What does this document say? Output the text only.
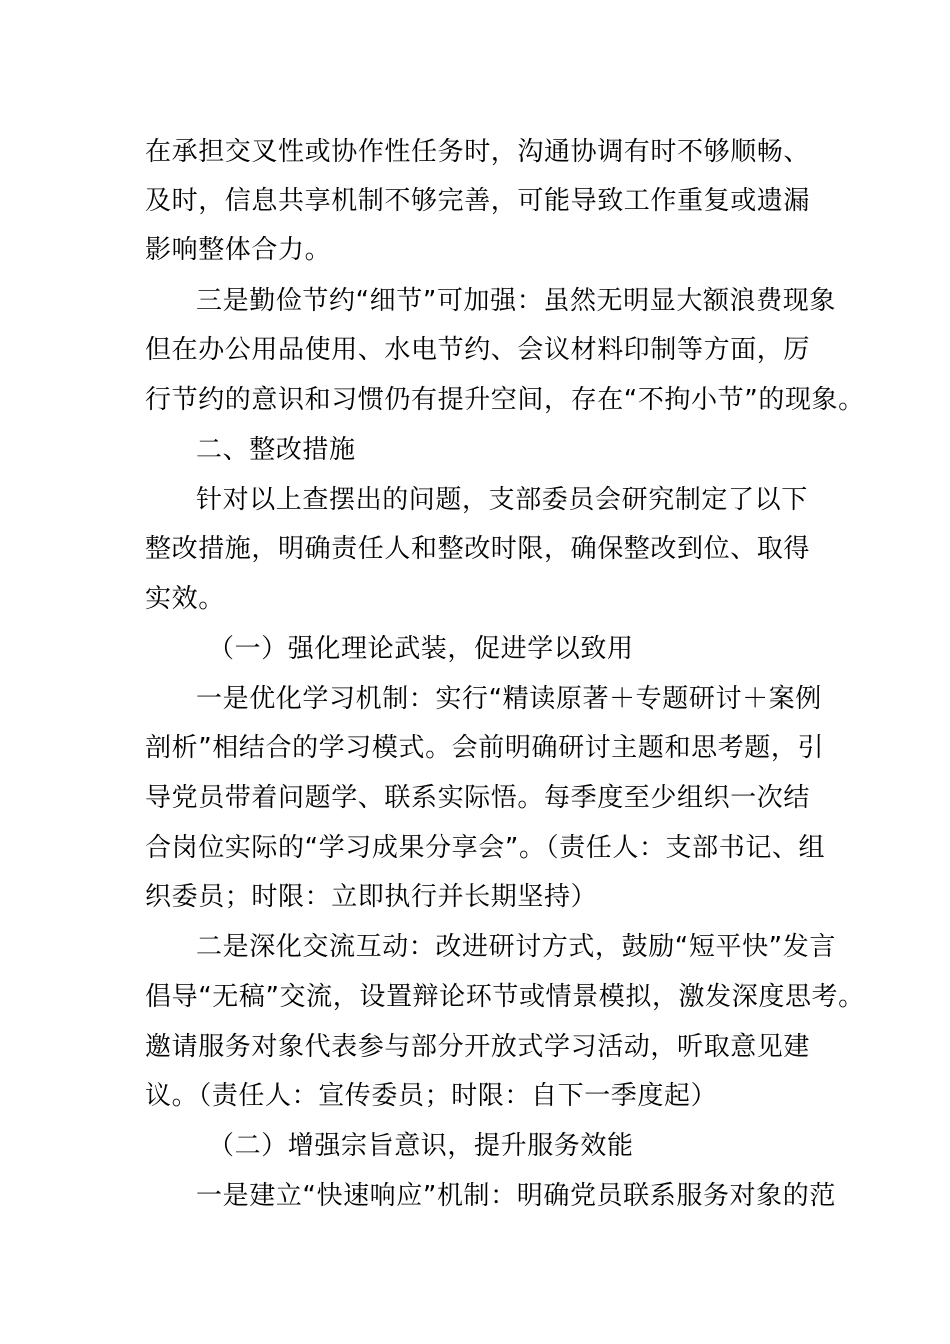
在承担交叉性或协作性任务时，沟通协调有时不够顺畅、
及时，信息共享机制不够完善，可能导致工作重复或遗漏
影响整体合力。
三是勤俭节约“细节”可加强：虽然无明显大额浪费现象
但在办公用品使用、水电节约、会议材料印制等方面，厉
行节约的意识和习惯仍有提升空间，存在“不拘小节”的现象。
二、整改措施
针对以上查摆出的问题，支部委员会研究制定了以下
整改措施，明确责任人和整改时限，确保整改到位、取得
实效。
（一）强化理论武装，促进学以致用
一是优化学习机制：实行“精读原著＋专题研讨＋案例
剖析”相结合的学习模式。会前明确研讨主题和思考题，引
导党员带着问题学、联系实际悟。每季度至少组织一次结
合岗位实际的“学习成果分享会”。（责任人：支部书记、组
织委员；时限：立即执行并长期坚持）
二是深化交流互动：改进研讨方式，鼓励“短平快”发言
倡导“无稿”交流，设置辩论环节或情景模拟，激发深度思考。
邀请服务对象代表参与部分开放式学习活动，听取意见建
议。（责任人：宣传委员；时限：自下一季度起）
（二）增强宗旨意识，提升服务效能
一是建立“快速响应”机制：明确党员联系服务对象的范
